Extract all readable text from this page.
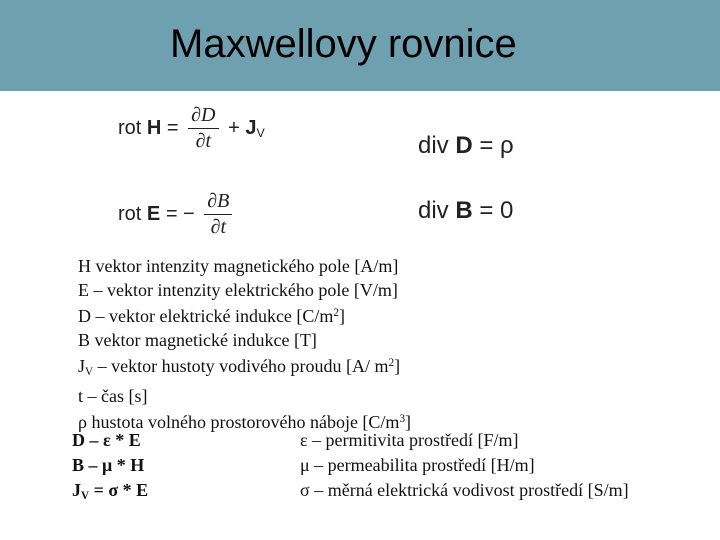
Maxwellovy rovnice
rot $H = \frac{\partial D}{\partial t} + J_V$
rot E = − $\frac{\partial B}{\partial t}$
div D = ρ
div B = 0
H vektor intenzity magnetického pole [A/m]
E – vektor intenzity elektrického pole [V/m]
D – vektor elektrické indukce $[C/m^2]$
B vektor magnetické indukce [T]
$J_V$ – vektor hustoty vodivého proudu [A/ $m^2$]
t – čas [s]
ρ hustota volného prostorového náboje $[C/m^3]$
D – ε * E
B – μ * H
$J_V = \sigma * E$
ε – permitivita prostředí [F/m]
μ – permeabilita prostředí [H/m]
σ – měrná elektrická vodivost prostředí [S/m]
